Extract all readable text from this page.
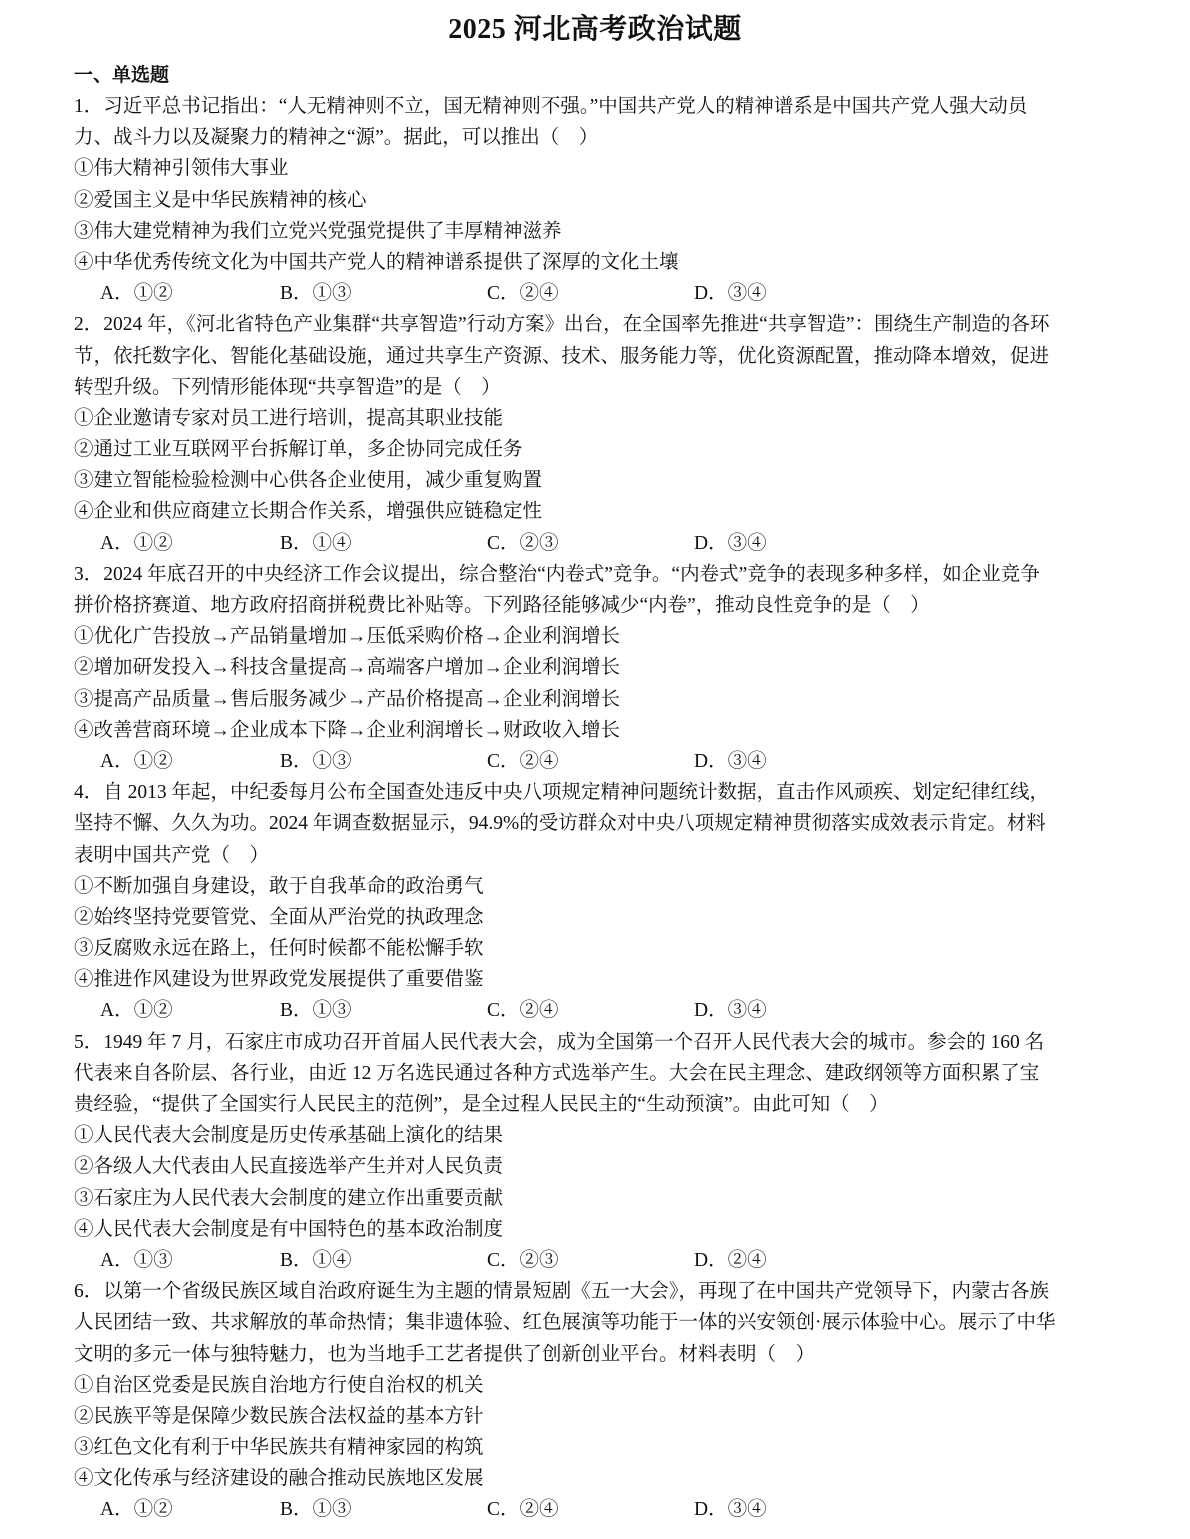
2025 河北高考政治试题
一、单选题
1．习近平总书记指出：“人无精神则不立，国无精神则不强。”中国共产党人的精神谱系是中国共产党人强大动员
力、战斗力以及凝聚力的精神之“源”。据此，可以推出（　）
①伟大精神引领伟大事业
②爱国主义是中华民族精神的核心
③伟大建党精神为我们立党兴党强党提供了丰厚精神滋养
④中华优秀传统文化为中国共产党人的精神谱系提供了深厚的文化土壤
A．①②	B．①③	C．②④	D．③④
2．2024 年，《河北省特色产业集群“共享智造”行动方案》出台，在全国率先推进“共享智造”：围绕生产制造的各环
节，依托数字化、智能化基础设施，通过共享生产资源、技术、服务能力等，优化资源配置，推动降本增效，促进
转型升级。下列情形能体现“共享智造”的是（　）
①企业邀请专家对员工进行培训，提高其职业技能
②通过工业互联网平台拆解订单，多企协同完成任务
③建立智能检验检测中心供各企业使用，减少重复购置
④企业和供应商建立长期合作关系，增强供应链稳定性
A．①②	B．①④	C．②③	D．③④
3．2024 年底召开的中央经济工作会议提出，综合整治“内卷式”竞争。“内卷式”竞争的表现多种多样，如企业竞争
拼价格挤赛道、地方政府招商拼税费比补贴等。下列路径能够减少“内卷”，推动良性竞争的是（　）
①优化广告投放→产品销量增加→压低采购价格→企业利润增长
②增加研发投入→科技含量提高→高端客户增加→企业利润增长
③提高产品质量→售后服务减少→产品价格提高→企业利润增长
④改善营商环境→企业成本下降→企业利润增长→财政收入增长
A．①②	B．①③	C．②④	D．③④
4．自 2013 年起，中纪委每月公布全国查处违反中央八项规定精神问题统计数据，直击作风顽疾、划定纪律红线，
坚持不懈、久久为功。2024 年调查数据显示，94.9%的受访群众对中央八项规定精神贯彻落实成效表示肯定。材料
表明中国共产党（　）
①不断加强自身建设，敢于自我革命的政治勇气
②始终坚持党要管党、全面从严治党的执政理念
③反腐败永远在路上，任何时候都不能松懈手软
④推进作风建设为世界政党发展提供了重要借鉴
A．①②	B．①③	C．②④	D．③④
5．1949 年 7 月，石家庄市成功召开首届人民代表大会，成为全国第一个召开人民代表大会的城市。参会的 160 名
代表来自各阶层、各行业，由近 12 万名选民通过各种方式选举产生。大会在民主理念、建政纲领等方面积累了宝
贵经验，“提供了全国实行人民民主的范例”，是全过程人民民主的“生动预演”。由此可知（　）
①人民代表大会制度是历史传承基础上演化的结果
②各级人大代表由人民直接选举产生并对人民负责
③石家庄为人民代表大会制度的建立作出重要贡献
④人民代表大会制度是有中国特色的基本政治制度
A．①③	B．①④	C．②③	D．②④
6．以第一个省级民族区域自治政府诞生为主题的情景短剧《五一大会》，再现了在中国共产党领导下，内蒙古各族
人民团结一致、共求解放的革命热情；集非遗体验、红色展演等功能于一体的兴安领创·展示体验中心。展示了中华
文明的多元一体与独特魅力，也为当地手工艺者提供了创新创业平台。材料表明（　）
①自治区党委是民族自治地方行使自治权的机关
②民族平等是保障少数民族合法权益的基本方针
③红色文化有利于中华民族共有精神家园的构筑
④文化传承与经济建设的融合推动民族地区发展
A．①②	B．①③	C．②④	D．③④
